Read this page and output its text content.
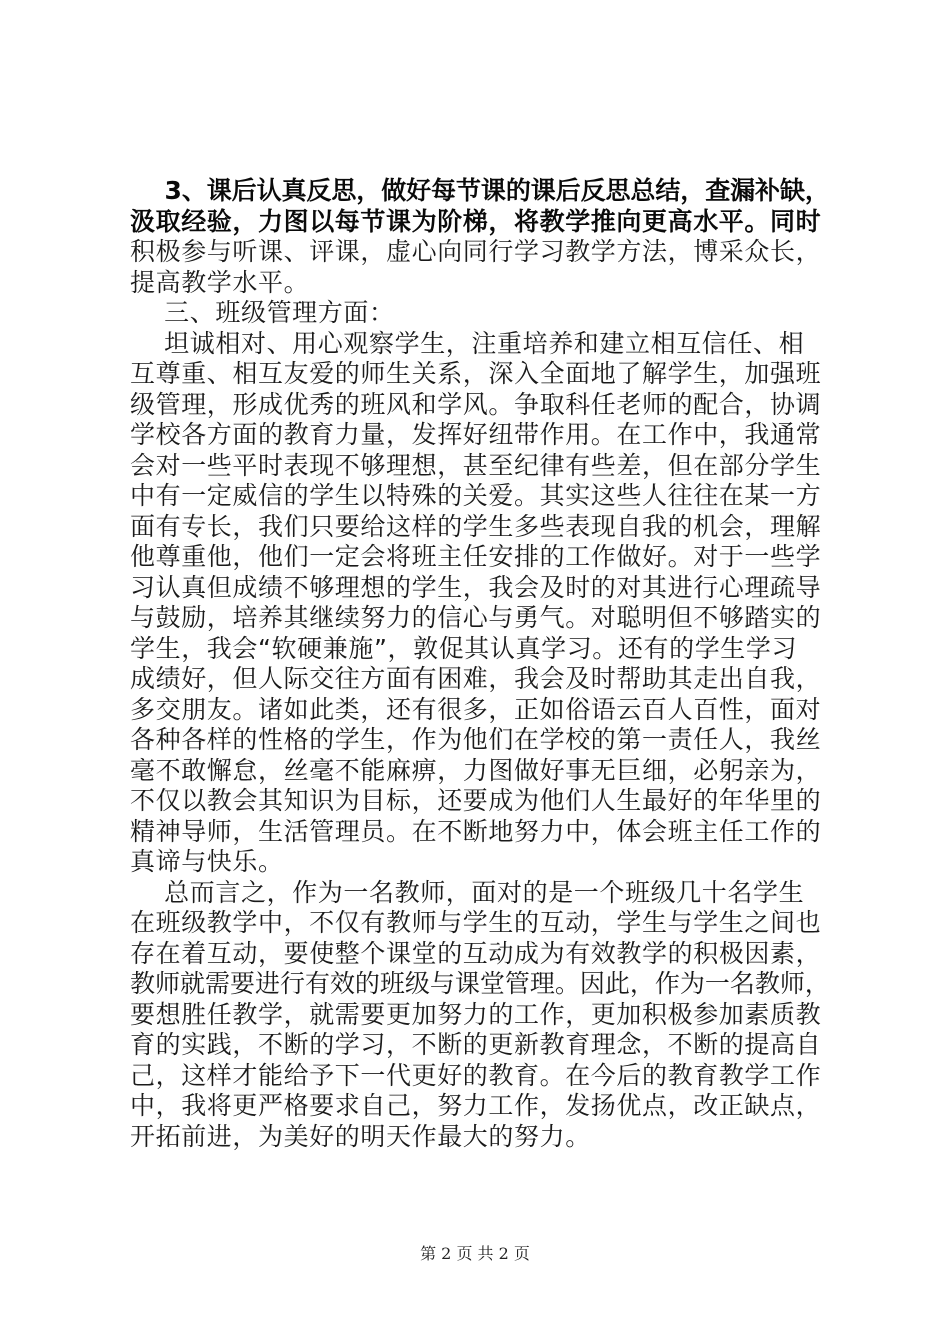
3、课后认真反思，做好每节课的课后反思总结，查漏补缺，
汲取经验，力图以每节课为阶梯，将教学推向更高水平。同时
积极参与听课、评课，虚心向同行学习教学方法，博采众长，
提高教学水平。
三、班级管理方面：
坦诚相对、用心观察学生，注重培养和建立相互信任、相
互尊重、相互友爱的师生关系，深入全面地了解学生，加强班
级管理，形成优秀的班风和学风。争取科任老师的配合，协调
学校各方面的教育力量，发挥好纽带作用。在工作中，我通常
会对一些平时表现不够理想，甚至纪律有些差，但在部分学生
中有一定威信的学生以特殊的关爱。其实这些人往往在某一方
面有专长，我们只要给这样的学生多些表现自我的机会，理解
他尊重他，他们一定会将班主任安排的工作做好。对于一些学
习认真但成绩不够理想的学生，我会及时的对其进行心理疏导
与鼓励，培养其继续努力的信心与勇气。对聪明但不够踏实的
学生，我会“软硬兼施”，敦促其认真学习。还有的学生学习
成绩好，但人际交往方面有困难，我会及时帮助其走出自我，
多交朋友。诸如此类，还有很多，正如俗语云百人百性，面对
各种各样的性格的学生，作为他们在学校的第一责任人，我丝
毫不敢懈怠，丝毫不能麻痹，力图做好事无巨细，必躬亲为，
不仅以教会其知识为目标，还要成为他们人生最好的年华里的
精神导师，生活管理员。在不断地努力中，体会班主任工作的
真谛与快乐。
总而言之，作为一名教师，面对的是一个班级几十名学生
在班级教学中，不仅有教师与学生的互动，学生与学生之间也
存在着互动，要使整个课堂的互动成为有效教学的积极因素，
教师就需要进行有效的班级与课堂管理。因此，作为一名教师，
要想胜任教学，就需要更加努力的工作，更加积极参加素质教
育的实践，不断的学习，不断的更新教育理念，不断的提高自
己，这样才能给予下一代更好的教育。在今后的教育教学工作
中，我将更严格要求自己，努力工作，发扬优点，改正缺点，
开拓前进，为美好的明天作最大的努力。
第 2 页 共 2 页
